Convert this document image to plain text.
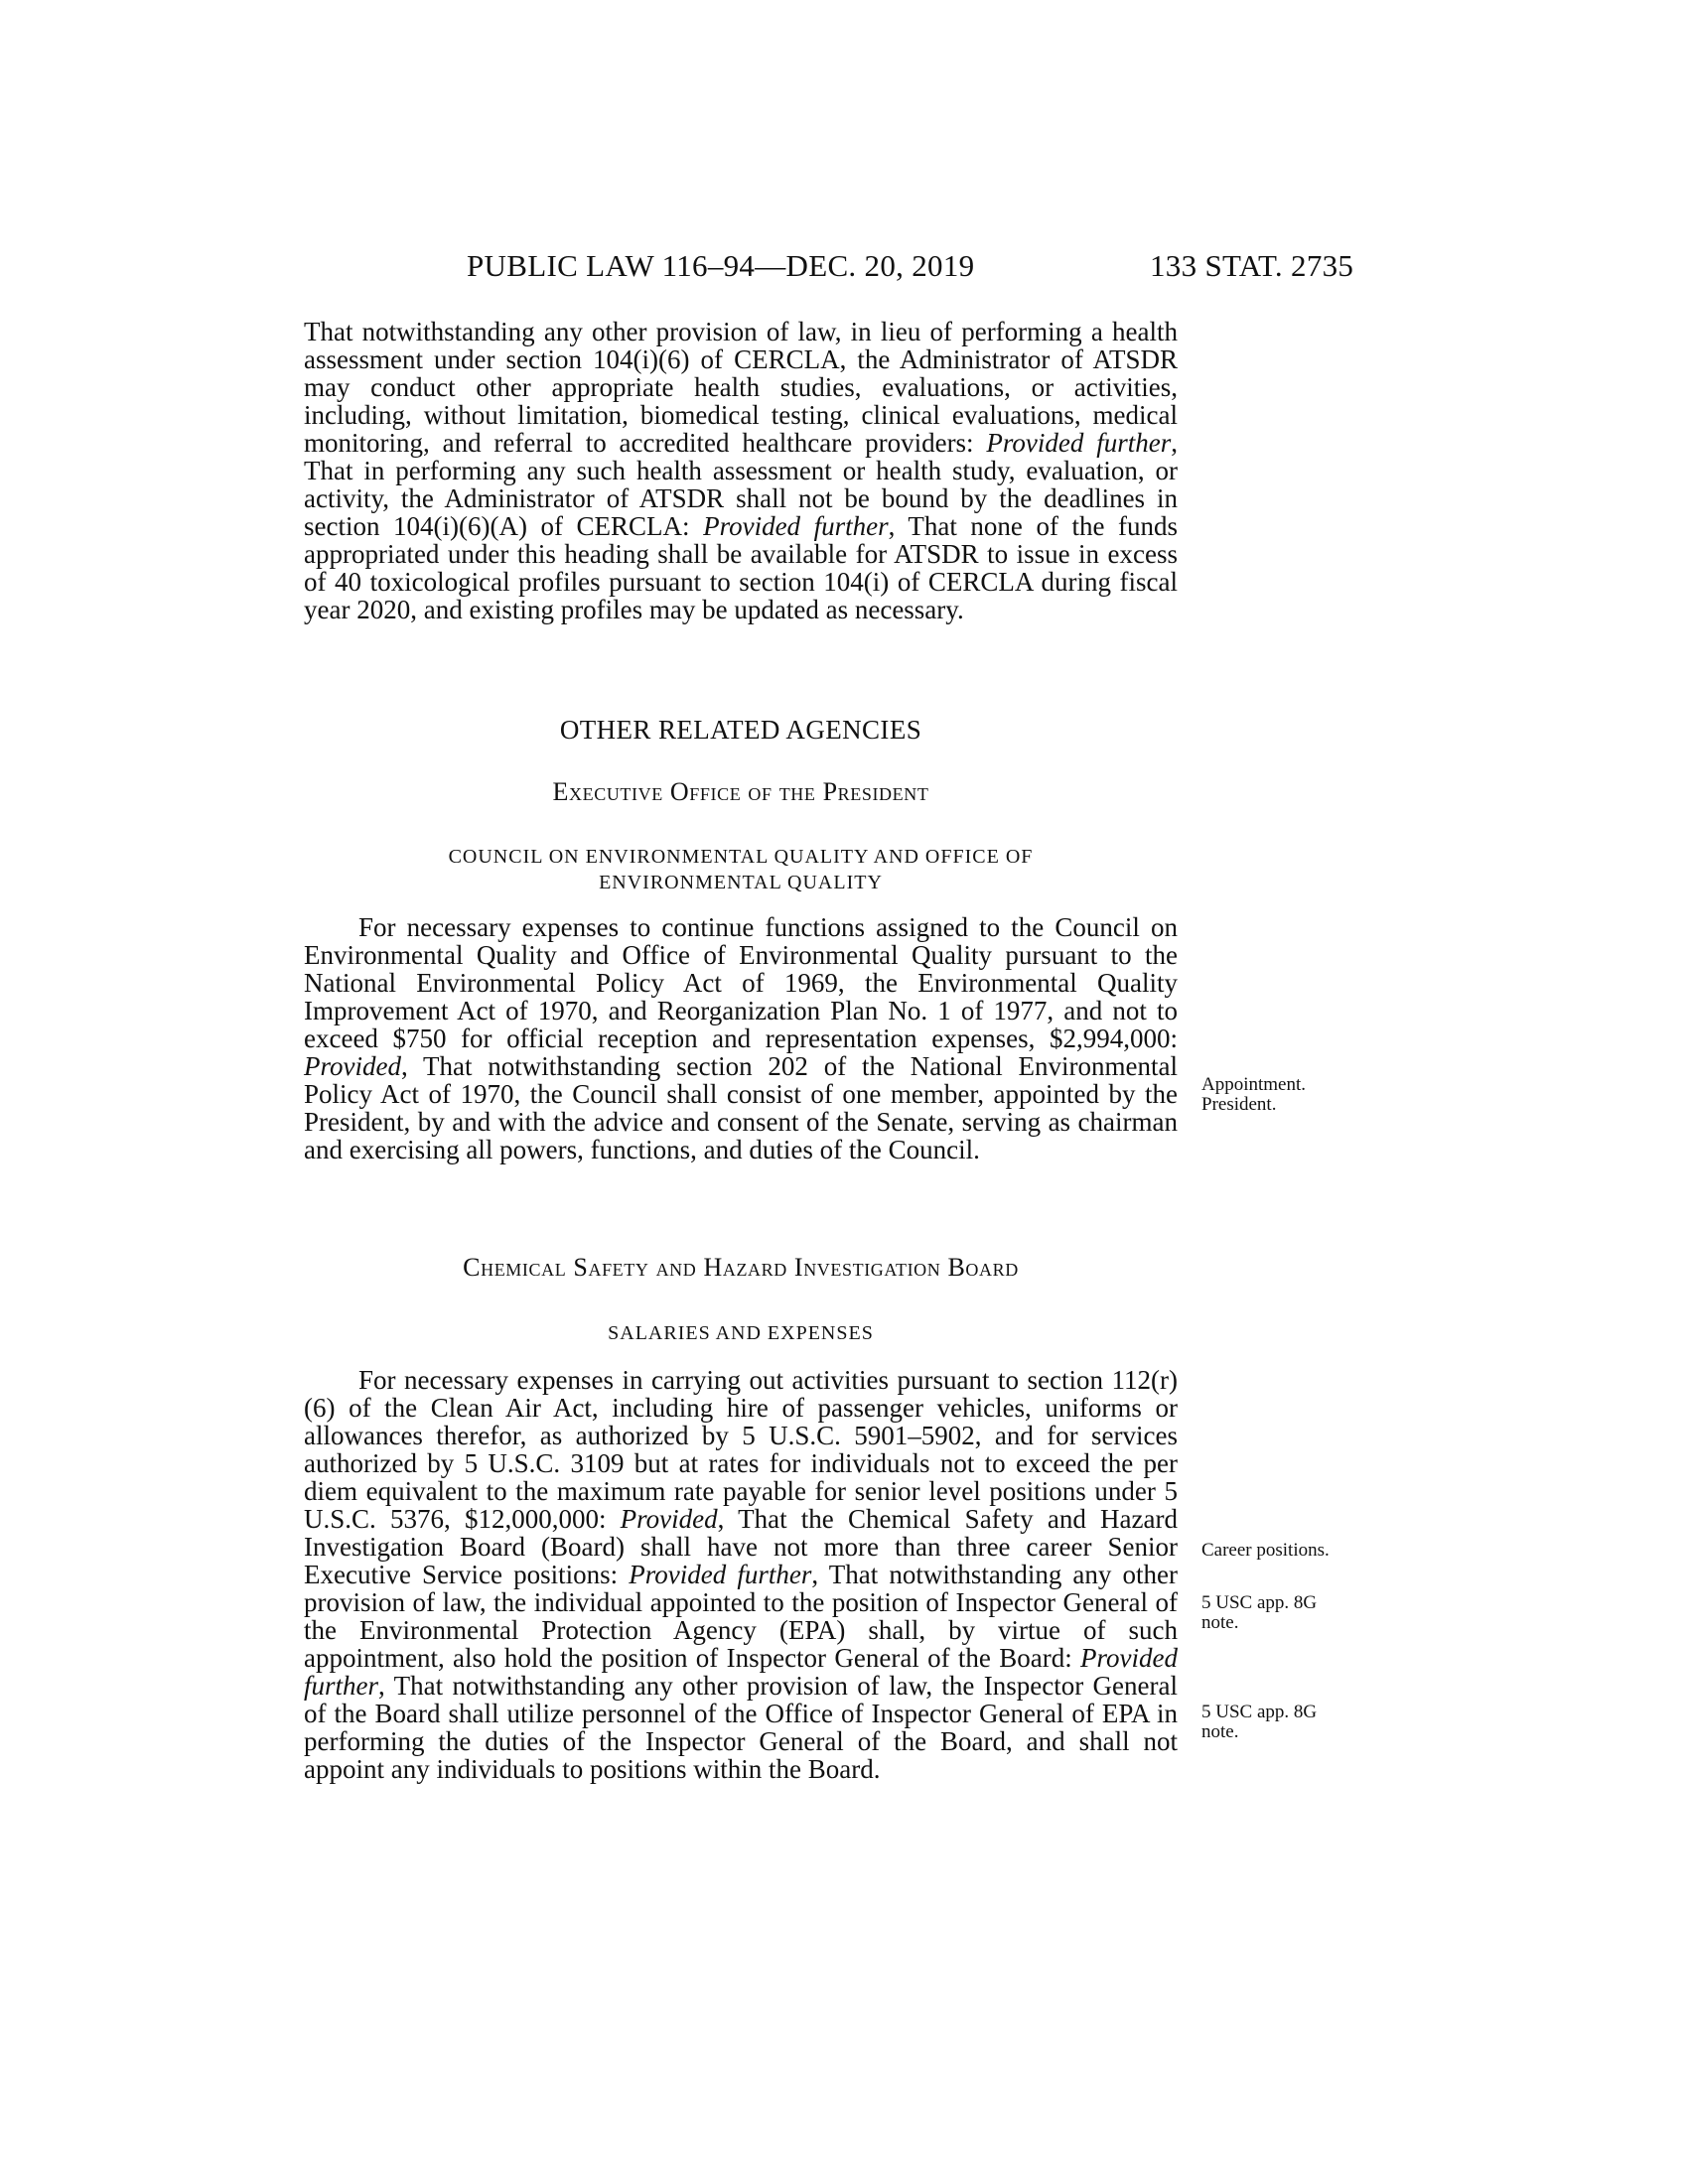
PUBLIC LAW 116–94—DEC. 20, 2019	133 STAT. 2735

That notwithstanding any other provision of law, in lieu of performing a health assessment under section 104(i)(6) of CERCLA, the Administrator of ATSDR may conduct other appropriate health studies, evaluations, or activities, including, without limitation, biomedical testing, clinical evaluations, medical monitoring, and referral to accredited healthcare providers: Provided further, That in performing any such health assessment or health study, evaluation, or activity, the Administrator of ATSDR shall not be bound by the deadlines in section 104(i)(6)(A) of CERCLA: Provided further, That none of the funds appropriated under this heading shall be available for ATSDR to issue in excess of 40 toxicological profiles pursuant to section 104(i) of CERCLA during fiscal year 2020, and existing profiles may be updated as necessary.

OTHER RELATED AGENCIES
Executive Office of the President
COUNCIL ON ENVIRONMENTAL QUALITY AND OFFICE OF
ENVIRONMENTAL QUALITY

For necessary expenses to continue functions assigned to the Council on Environmental Quality and Office of Environmental Quality pursuant to the National Environmental Policy Act of 1969, the Environmental Quality Improvement Act of 1970, and Reorganization Plan No. 1 of 1977, and not to exceed $750 for official reception and representation expenses, $2,994,000: Provided, That notwithstanding section 202 of the National Environmental Policy Act of 1970, the Council shall consist of one member, appointed by the President, by and with the advice and consent of the Senate, serving as chairman and exercising all powers, functions, and duties of the Council.

Appointment.
President.
Chemical Safety and Hazard Investigation Board
SALARIES AND EXPENSES

For necessary expenses in carrying out activities pursuant to section 112(r)(6) of the Clean Air Act, including hire of passenger vehicles, uniforms or allowances therefor, as authorized by 5 U.S.C. 5901–5902, and for services authorized by 5 U.S.C. 3109 but at rates for individuals not to exceed the per diem equivalent to the maximum rate payable for senior level positions under 5 U.S.C. 5376, $12,000,000: Provided, That the Chemical Safety and Hazard Investigation Board (Board) shall have not more than three career Senior Executive Service positions: Provided further, That notwithstanding any other provision of law, the individual appointed to the position of Inspector General of the Environmental Protection Agency (EPA) shall, by virtue of such appointment, also hold the position of Inspector General of the Board: Provided further, That notwithstanding any other provision of law, the Inspector General of the Board shall utilize personnel of the Office of Inspector General of EPA in performing the duties of the Inspector General of the Board, and shall not appoint any individuals to positions within the Board.

Career positions.
5 USC app. 8G
note.
5 USC app. 8G
note.
